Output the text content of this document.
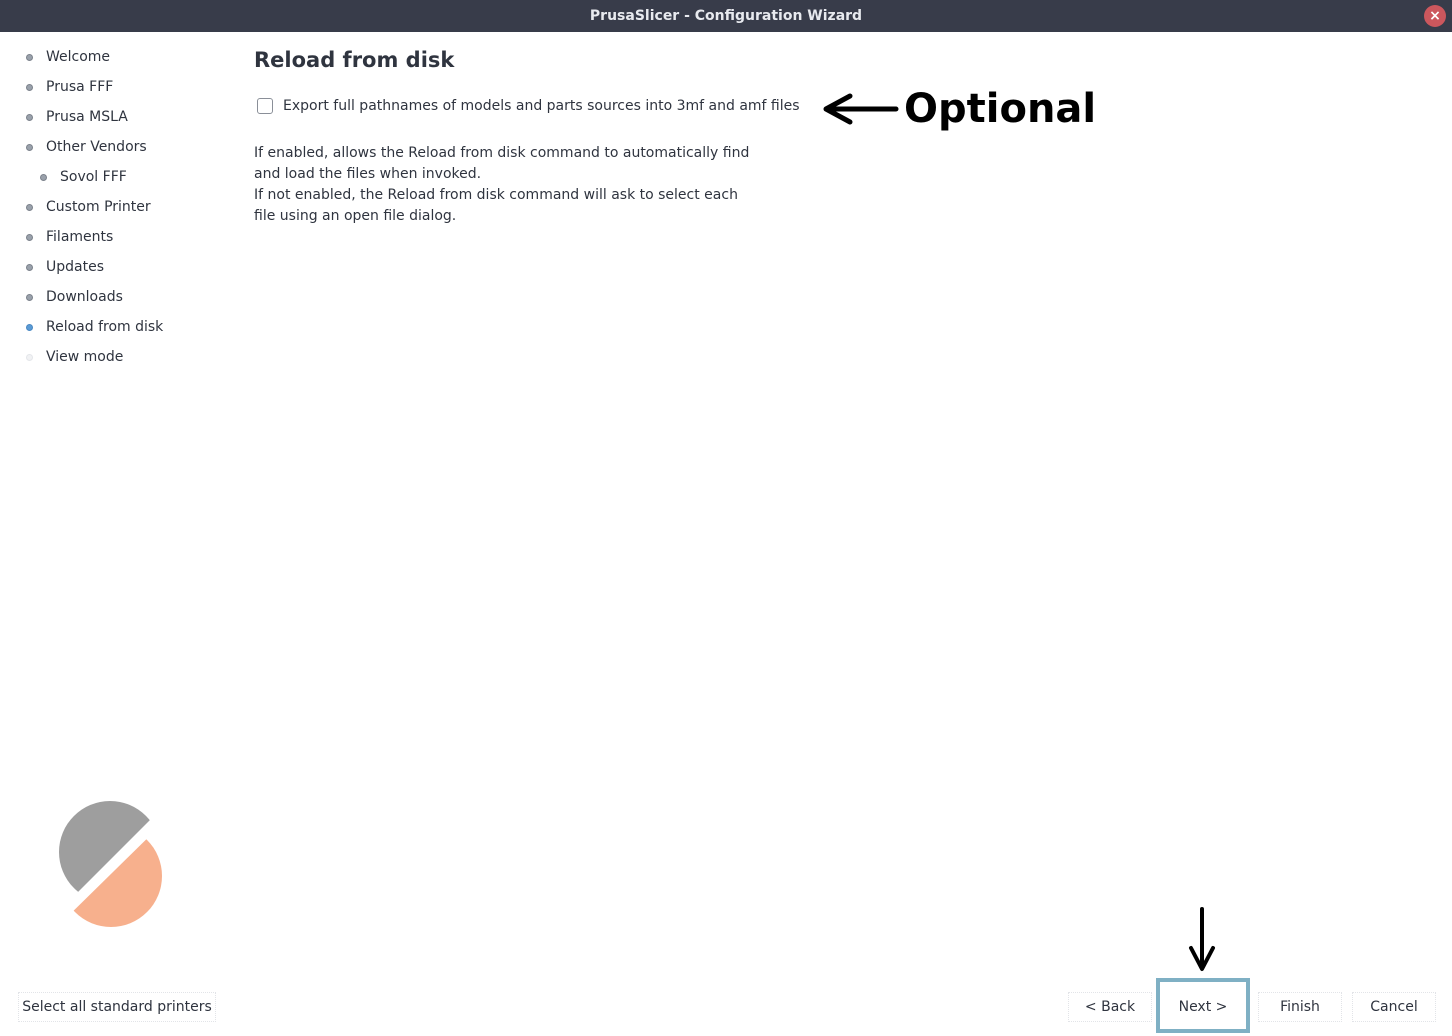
PrusaSlicer - Configuration Wizard	×
Welcome
Prusa FFF
Prusa MSLA
Other Vendors
Sovol FFF
Custom Printer
Filaments
Updates
Downloads
Reload from disk
View mode
Reload from disk
Export full pathnames of models and parts sources into 3mf and amf files
If enabled, allows the Reload from disk command to automatically find
and load the files when invoked.
If not enabled, the Reload from disk command will ask to select each
file using an open file dialog.
Optional
Select all standard printers	< Back	Next >	Finish	Cancel
